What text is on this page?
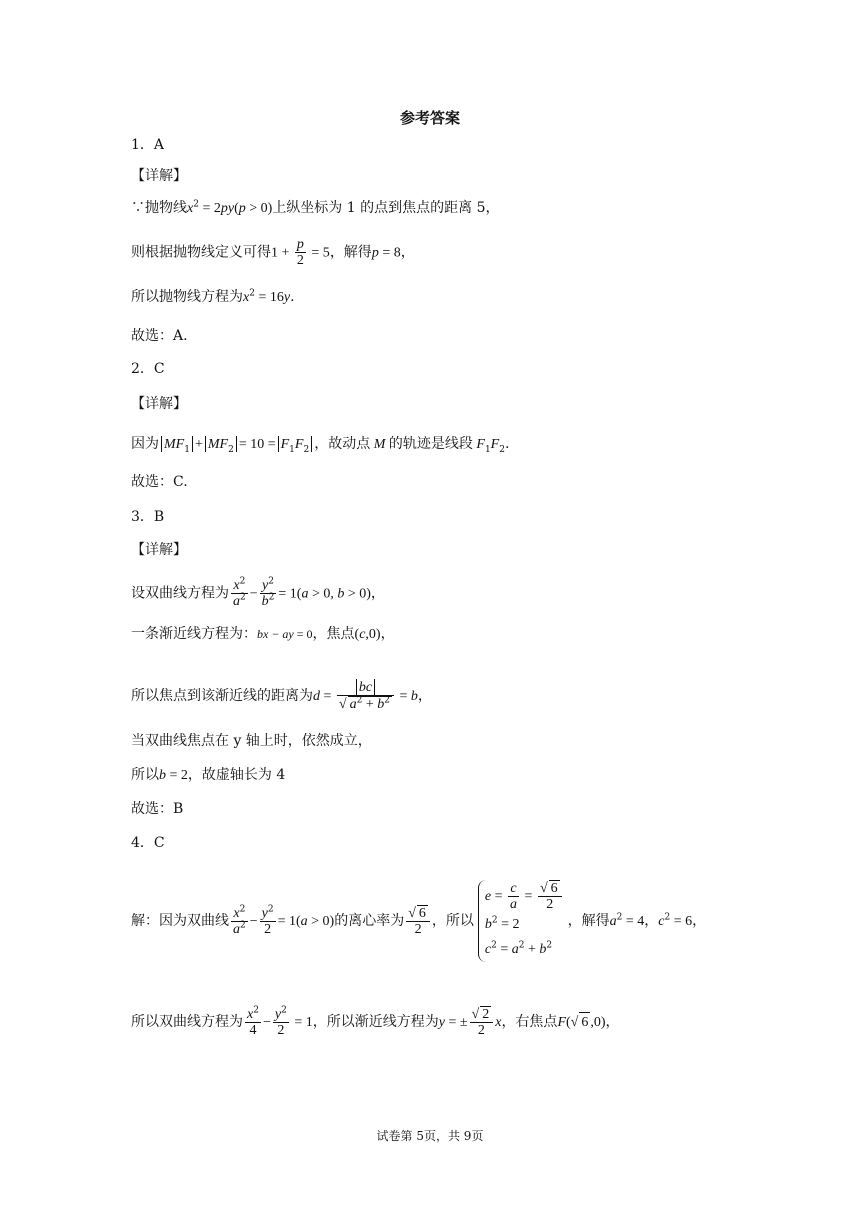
参考答案
1．A
【详解】
∵抛物线$x^2 = 2py(p > 0)$上纵坐标为 1 的点到焦点的距离 5，
则根据抛物线定义可得$1 + \frac{p}{2} = 5$，解得p = 8，
所以抛物线方程为$x^2 = 16y$.
故选：A.
2．C
【详解】
因为 $MF_1 + MF_2 = 10 = F_1F_2$ ，故动点 M 的轨迹是线段 $F_1F_2$.
故选：C.
3．B
【详解】
设双曲线方程为 $\frac{x^2}{a^2} - \frac{y^2}{b^2} = 1(a > 0$, b > 0)，
一条渐近线方程为：bx − ay = 0，焦点(c,0)，
所以焦点到该渐近线的距离为$d = \frac{bc}{√ a^2 + b^2} = b$，
当双曲线焦点在 y 轴上时，依然成立，
所以b = 2，故虚轴长为 4
故选：B
4．C
解：因为双曲线 $\frac{x^2}{a^2} - \frac{y^2}{2} = 1(a > 0)$的离心率为 $\frac{√ 6}{2}$ ，所以
$e = \frac{c}{a} = \frac{√ 6}{2}$
$b^2 = 2$
$c^2 = a^2 + b^2$
，解得$a^2 = 4$，$c^2 = 6$，
所以双曲线方程为 $\frac{x^2}{4} - \frac{y^2}{2} = 1$，所以渐近线方程为y = ± $\frac{√ 2}{2}$ x，右焦点F(√ 6 ,0)，
试卷第 5页，共 9页
